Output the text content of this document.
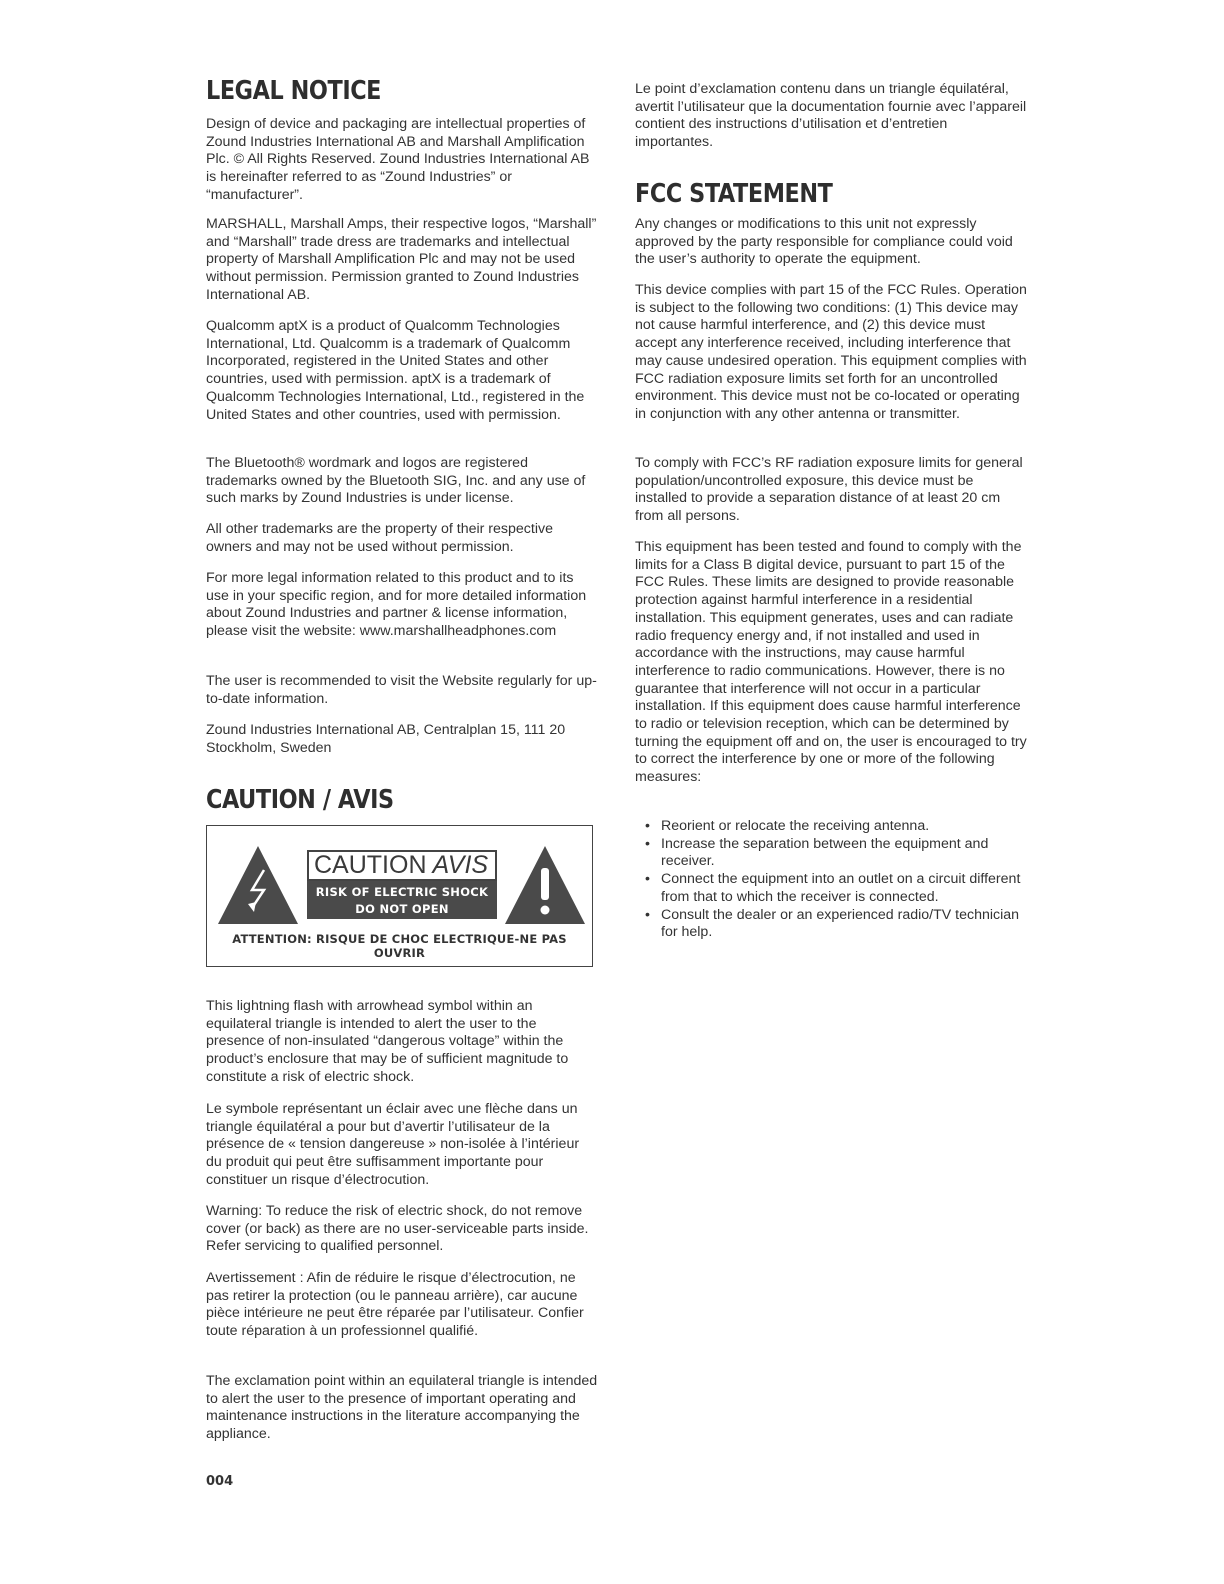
LEGAL NOTICE

Design of device and packaging are intellectual properties of Zound Industries International AB and Marshall Amplification Plc. © All Rights Reserved. Zound Industries International AB is hereinafter referred to as “Zound Industries” or “manufacturer”.

MARSHALL, Marshall Amps, their respective logos, “Marshall” and “Marshall” trade dress are trademarks and intellectual property of Marshall Amplification Plc and may not be used without permission. Permission granted to Zound Industries International AB.

Qualcomm aptX is a product of Qualcomm Technologies International, Ltd. Qualcomm is a trademark of Qualcomm Incorporated, registered in the United States and other countries, used with permission. aptX is a trademark of Qualcomm Technologies International, Ltd., registered in the United States and other countries, used with permission.

The Bluetooth® wordmark and logos are registered trademarks owned by the Bluetooth SIG, Inc. and any use of such marks by Zound Industries is under license.

All other trademarks are the property of their respective owners and may not be used without permission.

For more legal information related to this product and to its use in your specific region, and for more detailed information about Zound Industries and partner & license information, please visit the website: www.marshallheadphones.com

The user is recommended to visit the Website regularly for up-to-date information.

Zound Industries International AB, Centralplan 15, 111 20 Stockholm, Sweden

CAUTION / AVIS
CAUTION AVIS
RISK OF ELECTRIC SHOCK
DO NOT OPEN
ATTENTION: RISQUE DE CHOC ELECTRIQUE-NE PAS OUVRIR

This lightning flash with arrowhead symbol within an equilateral triangle is intended to alert the user to the presence of non-insulated “dangerous voltage” within the product’s enclosure that may be of sufficient magnitude to constitute a risk of electric shock.

Le symbole représentant un éclair avec une flèche dans un triangle équilatéral a pour but d’avertir l’utilisateur de la présence de « tension dangereuse » non-isolée à l’intérieur du produit qui peut être suffisamment importante pour constituer un risque d’électrocution.

Warning: To reduce the risk of electric shock, do not remove cover (or back) as there are no user-serviceable parts inside. Refer servicing to qualified personnel.

Avertissement : Afin de réduire le risque d’électrocution, ne pas retirer la protection (ou le panneau arrière), car aucune pièce intérieure ne peut être réparée par l’utilisateur. Confier toute réparation à un professionnel qualifié.

The exclamation point within an equilateral triangle is intended to alert the user to the presence of important operating and maintenance instructions in the literature accompanying the appliance.

004

Le point d’exclamation contenu dans un triangle équilatéral, avertit l’utilisateur que la documentation fournie avec l’appareil contient des instructions d’utilisation et d’entretien importantes.

FCC STATEMENT

Any changes or modifications to this unit not expressly approved by the party responsible for compliance could void the user’s authority to operate the equipment.

This device complies with part 15 of the FCC Rules. Operation is subject to the following two conditions: (1) This device may not cause harmful interference, and (2) this device must accept any interference received, including interference that may cause undesired operation. This equipment complies with FCC radiation exposure limits set forth for an uncontrolled environment. This device must not be co-located or operating in conjunction with any other antenna or transmitter.

To comply with FCC’s RF radiation exposure limits for general population/uncontrolled exposure, this device must be installed to provide a separation distance of at least 20 cm from all persons.

This equipment has been tested and found to comply with the limits for a Class B digital device, pursuant to part 15 of the FCC Rules. These limits are designed to provide reasonable protection against harmful interference in a residential installation. This equipment generates, uses and can radiate radio frequency energy and, if not installed and used in accordance with the instructions, may cause harmful interference to radio communications. However, there is no guarantee that interference will not occur in a particular installation. If this equipment does cause harmful interference to radio or television reception, which can be determined by turning the equipment off and on, the user is encouraged to try to correct the interference by one or more of the following measures:

• Reorient or relocate the receiving antenna.
• Increase the separation between the equipment and receiver.
• Connect the equipment into an outlet on a circuit different from that to which the receiver is connected.
• Consult the dealer or an experienced radio/TV technician for help.
